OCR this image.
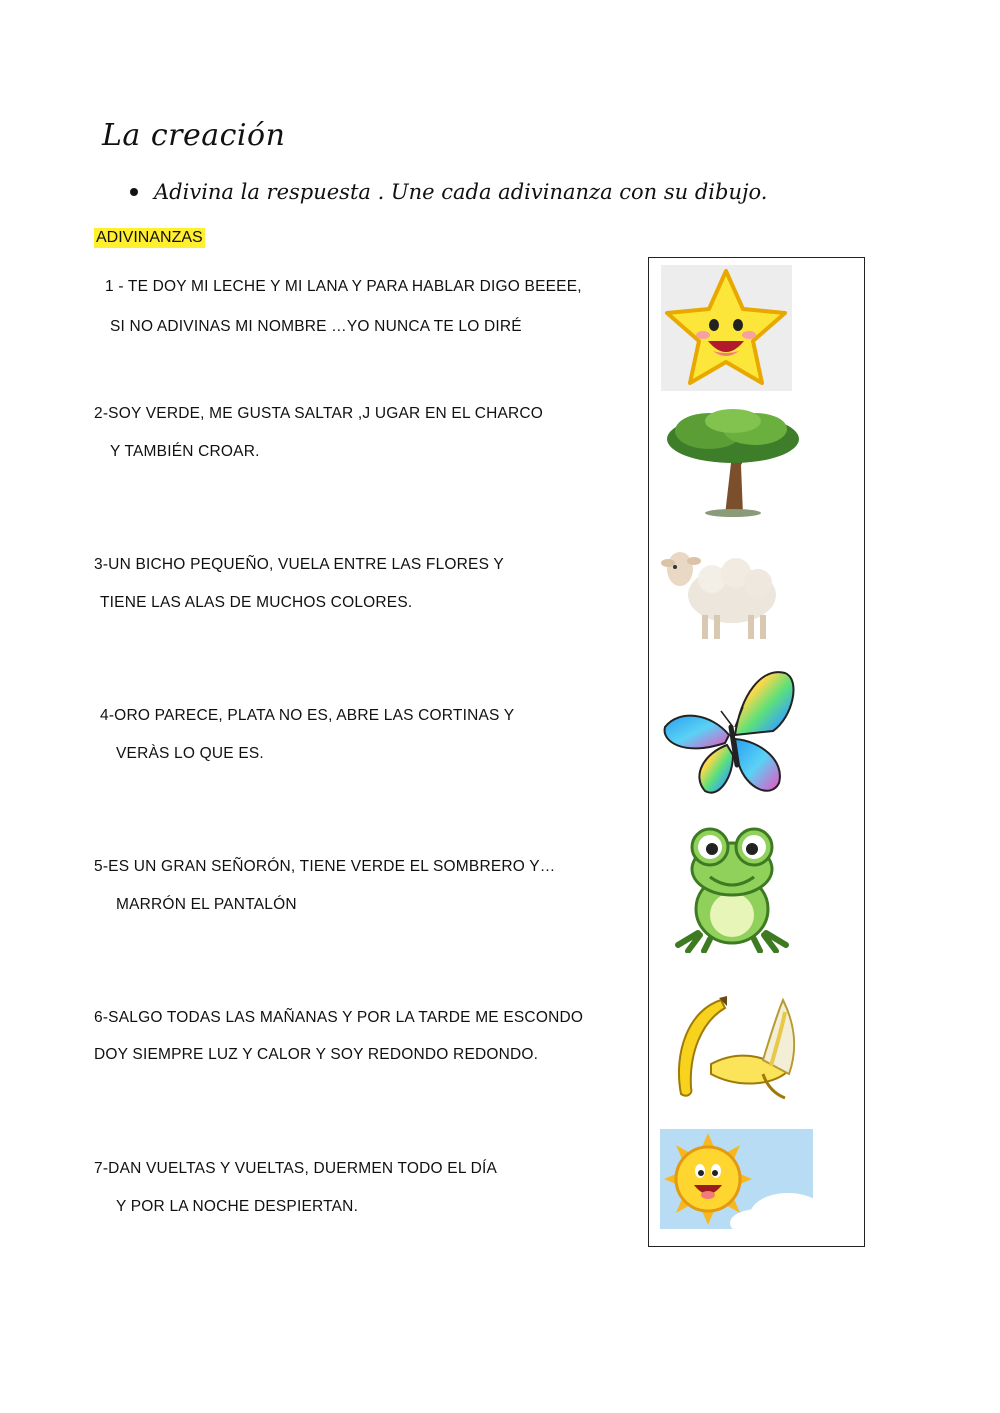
La creación
Adivina la respuesta . Une cada adivinanza con su dibujo.
ADIVINANZAS
1 - TE DOY MI LECHE Y MI LANA Y PARA HABLAR DIGO BEEEE,
SI NO ADIVINAS MI NOMBRE …YO NUNCA TE LO DIRÉ
2-SOY VERDE, ME GUSTA SALTAR ,J UGAR EN EL CHARCO
Y TAMBIÉN CROAR.
3-UN BICHO PEQUEÑO, VUELA ENTRE LAS FLORES Y
TIENE LAS ALAS DE MUCHOS COLORES.
4-ORO PARECE, PLATA NO ES, ABRE LAS CORTINAS Y
VERÀS LO QUE ES.
5-ES UN GRAN SEÑORÓN, TIENE VERDE EL SOMBRERO Y…
MARRÓN EL PANTALÓN
6-SALGO TODAS LAS MAÑANAS Y POR LA TARDE ME ESCONDO
DOY SIEMPRE LUZ Y CALOR Y SOY REDONDO REDONDO.
7-DAN VUELTAS Y VUELTAS, DUERMEN TODO EL DÍA
Y POR LA NOCHE DESPIERTAN.
